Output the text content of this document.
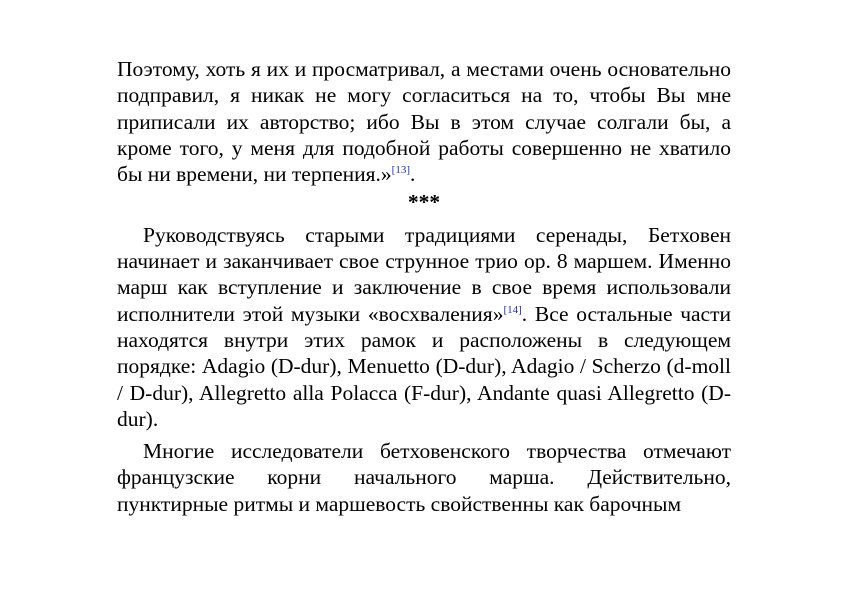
Поэтому, хоть я их и просматривал, а местами очень основательно подправил, я никак не могу согласиться на то, чтобы Вы мне приписали их авторство; ибо Вы в этом случае солгали бы, а кроме того, у меня для подобной работы совершенно не хватило бы ни времени, ни терпения.»[13].

***

Руководствуясь старыми традициями серенады, Бетховен начинает и заканчивает свое струнное трио ор. 8 маршем. Именно марш как вступление и заключение в свое время использовали исполнители этой музыки «восхваления»[14]. Все остальные части находятся внутри этих рамок и расположены в следующем порядке: Adagio (D-dur), Menuetto (D-dur), Adagio / Scherzo (d-moll / D-dur), Allegretto alla Polacca (F-dur), Andante quasi Allegretto (D-dur).

Многие исследователи бетховенского творчества отмечают французские корни начального марша. Действительно, пунктирные ритмы и маршевость свойственны как барочным
